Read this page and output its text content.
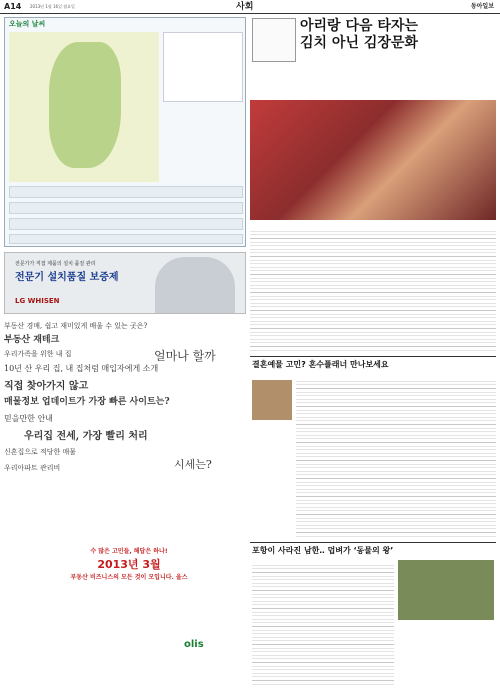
A14 2013년 1월 16일 월요일	사회	동아일보
오늘의 날씨
전문가가 직접 제품의 설치 품질 관리
전문기 설치품질 보증제
LG WHISEN
부동산 경매, 쉽고 재미있게 배울 수 있는 곳은?
부동산 재테크
우리가족을 위한 내 집	얼마나 할까
10년 산 우리 집, 내 집처럼 매입자에게 소개
직접 찾아가지 않고
매물정보 업데이트가 가장 빠른 사이트는?
믿을만한 안내
우리집 전세, 가장 빨리 처리
신혼집으로 적당한 매물
우리아파트 관리비	시세는?
수 많은 고민들, 해답은 하나!
2013년 3월
부동산 비즈니스의 모든 것이 모입니다. 올스
olis
아리랑 다음 타자는
김치 아닌 김장문화
결혼예물 고민? 혼수플래너 만나보세요
포항이 사라진 남한‥ 덥벼가 ‘동물의 왕’
